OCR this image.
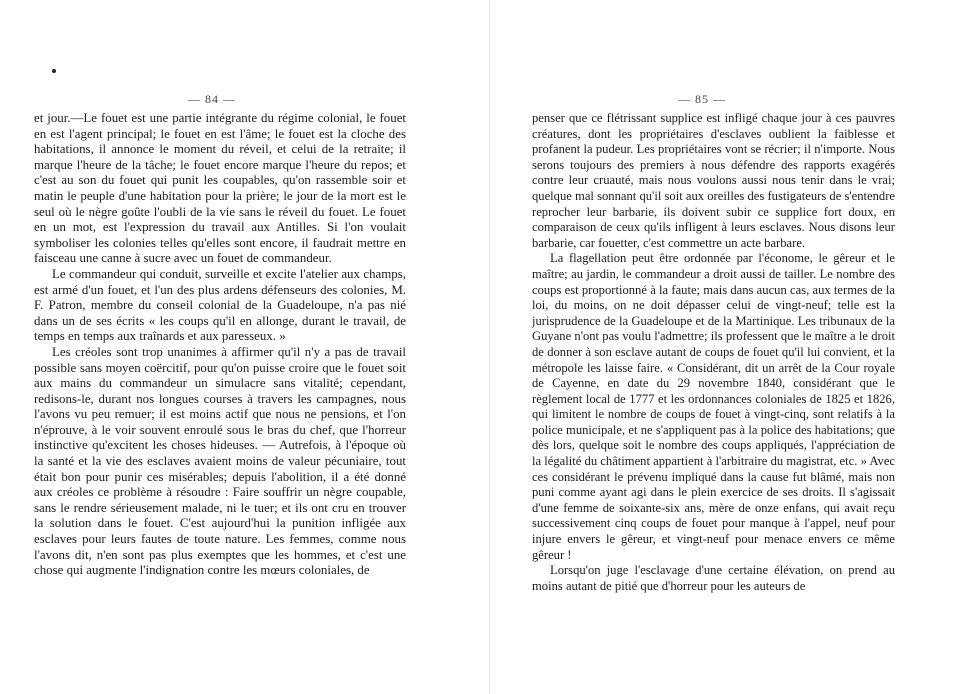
— 84 —

et jour.—Le fouet est une partie intégrante du régime colonial, le fouet en est l'agent principal; le fouet en est l'âme; le fouet est la cloche des habitations, il annonce le moment du réveil, et celui de la retraite; il marque l'heure de la tâche; le fouet encore marque l'heure du repos; et c'est au son du fouet qui punit les coupables, qu'on rassemble soir et matin le peuple d'une habitation pour la prière; le jour de la mort est le seul où le nègre goûte l'oubli de la vie sans le réveil du fouet. Le fouet en un mot, est l'expression du travail aux Antilles. Si l'on voulait symboliser les colonies telles qu'elles sont encore, il faudrait mettre en faisceau une canne à sucre avec un fouet de commandeur.

Le commandeur qui conduit, surveille et excite l'atelier aux champs, est armé d'un fouet, et l'un des plus ardens défenseurs des colonies, M. F. Patron, membre du conseil colonial de la Guadeloupe, n'a pas nié dans un de ses écrits « les coups qu'il en allonge, durant le travail, de temps en temps aux traînards et aux paresseux. »

Les créoles sont trop unanimes à affirmer qu'il n'y a pas de travail possible sans moyen coërcitif, pour qu'on puisse croire que le fouet soit aux mains du commandeur un simulacre sans vitalité; cependant, redisons-le, durant nos longues courses à travers les campagnes, nous l'avons vu peu remuer; il est moins actif que nous ne pensions, et l'on n'éprouve, à le voir souvent enroulé sous le bras du chef, que l'horreur instinctive qu'excitent les choses hideuses. — Autrefois, à l'époque où la santé et la vie des esclaves avaient moins de valeur pécuniaire, tout était bon pour punir ces misérables; depuis l'abolition, il a été donné aux créoles ce problème à résoudre : Faire souffrir un nègre coupable, sans le rendre sérieusement malade, ni le tuer; et ils ont cru en trouver la solution dans le fouet. C'est aujourd'hui la punition infligée aux esclaves pour leurs fautes de toute nature. Les femmes, comme nous l'avons dit, n'en sont pas plus exemptes que les hommes, et c'est une chose qui augmente l'indignation contre les mœurs coloniales, de

— 85 —

penser que ce flétrissant supplice est infligé chaque jour à ces pauvres créatures, dont les propriétaires d'esclaves oublient la faiblesse et profanent la pudeur. Les propriétaires vont se récrier; il n'importe. Nous serons toujours des premiers à nous défendre des rapports exagérés contre leur cruauté, mais nous voulons aussi nous tenir dans le vrai; quelque mal sonnant qu'il soit aux oreilles des fustigateurs de s'entendre reprocher leur barbarie, ils doivent subir ce supplice fort doux, en comparaison de ceux qu'ils infligent à leurs esclaves. Nous disons leur barbarie, car fouetter, c'est commettre un acte barbare.

La flagellation peut être ordonnée par l'économe, le gêreur et le maître; au jardin, le commandeur a droit aussi de tailler. Le nombre des coups est proportionné à la faute; mais dans aucun cas, aux termes de la loi, du moins, on ne doit dépasser celui de vingt-neuf; telle est la jurisprudence de la Guadeloupe et de la Martinique. Les tribunaux de la Guyane n'ont pas voulu l'admettre; ils professent que le maître a le droit de donner à son esclave autant de coups de fouet qu'il lui convient, et la métropole les laisse faire. « Considérant, dit un arrêt de la Cour royale de Cayenne, en date du 29 novembre 1840, considérant que le règlement local de 1777 et les ordonnances coloniales de 1825 et 1826, qui limitent le nombre de coups de fouet à vingt-cinq, sont relatifs à la police municipale, et ne s'appliquent pas à la police des habitations; que dès lors, quelque soit le nombre des coups appliqués, l'appréciation de la légalité du châtiment appartient à l'arbitraire du magistrat, etc. » Avec ces considérant le prévenu impliqué dans la cause fut blâmé, mais non puni comme ayant agi dans le plein exercice de ses droits. Il s'agissait d'une femme de soixante-six ans, mère de onze enfans, qui avait reçu successivement cinq coups de fouet pour manque à l'appel, neuf pour injure envers le gêreur, et vingt-neuf pour menace envers ce même gêreur !

Lorsqu'on juge l'esclavage d'une certaine élévation, on prend au moins autant de pitié que d'horreur pour les auteurs de
